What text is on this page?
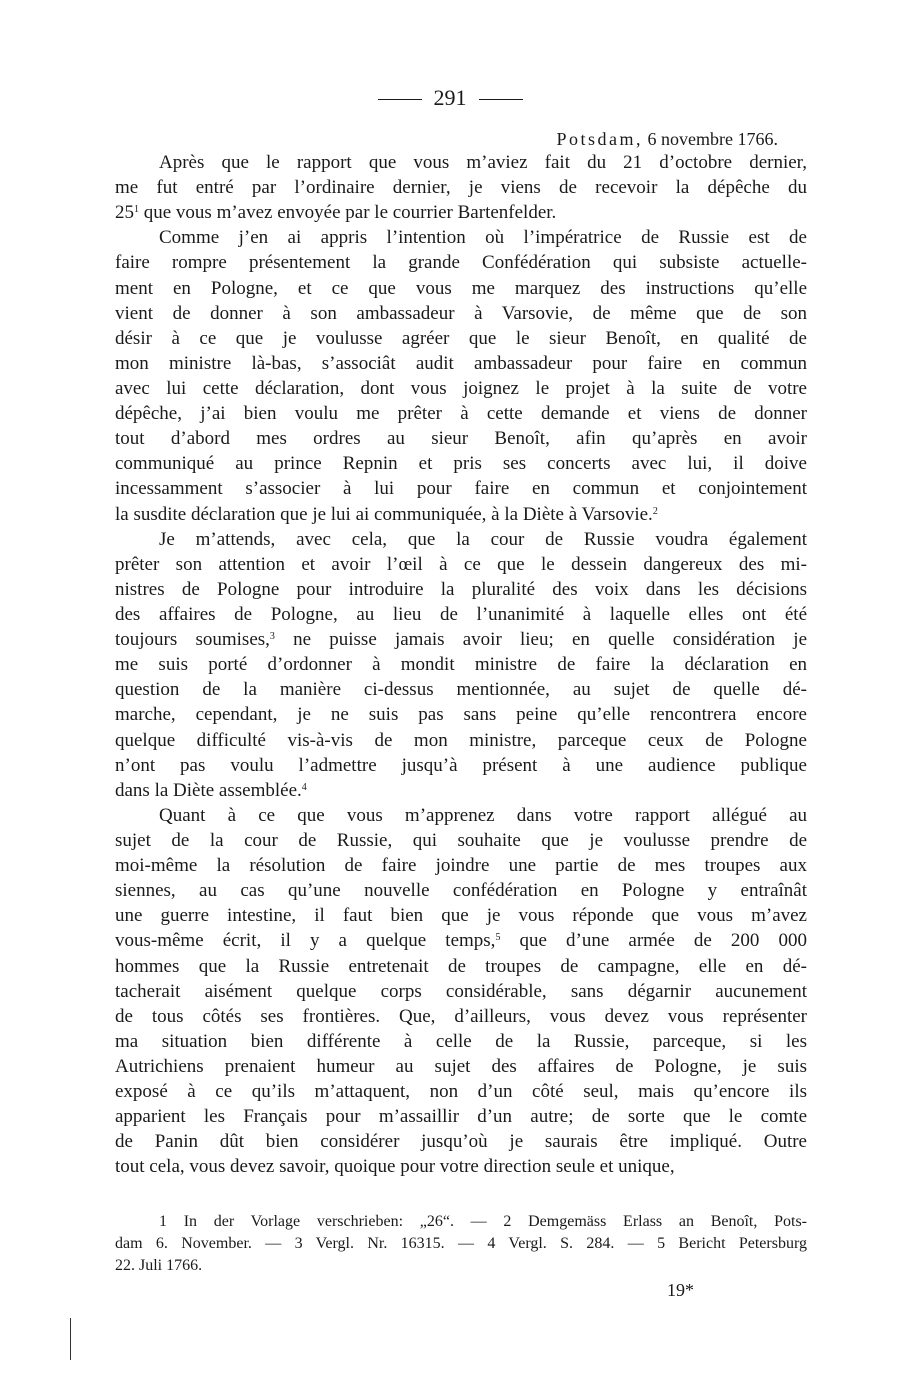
291
Potsdam, 6 novembre 1766.
Après que le rapport que vous m’aviez fait du 21 d’octobre dernier,
me fut entré par l’ordinaire dernier, je viens de recevoir la dépêche du
$25^1$ que vous m’avez envoyée par le courrier Bartenfelder.
Comme j’en ai appris l’intention où l’impératrice de Russie est de
faire rompre présentement la grande Confédération qui subsiste actuelle-
ment en Pologne, et ce que vous me marquez des instructions qu’elle
vient de donner à son ambassadeur à Varsovie, de même que de son
désir à ce que je voulusse agréer que le sieur Benoît, en qualité de
mon ministre là-bas, s’associât audit ambassadeur pour faire en commun
avec lui cette déclaration, dont vous joignez le projet à la suite de votre
dépêche, j’ai bien voulu me prêter à cette demande et viens de donner
tout d’abord mes ordres au sieur Benoît, afin qu’après en avoir
communiqué au prince Repnin et pris ses concerts avec lui, il doive
incessamment s’associer à lui pour faire en commun et conjointement
la susdite déclaration que je lui ai communiquée, à la Diète à Varsovie.$^2$
Je m’attends, avec cela, que la cour de Russie voudra également
prêter son attention et avoir l’œil à ce que le dessein dangereux des mi-
nistres de Pologne pour introduire la pluralité des voix dans les décisions
des affaires de Pologne, au lieu de l’unanimité à laquelle elles ont été
toujours soumises,$^3$ ne puisse jamais avoir lieu; en quelle considération je
me suis porté d’ordonner à mondit ministre de faire la déclaration en
question de la manière ci-dessus mentionnée, au sujet de quelle dé-
marche, cependant, je ne suis pas sans peine qu’elle rencontrera encore
quelque difficulté vis-à-vis de mon ministre, parceque ceux de Pologne
n’ont pas voulu l’admettre jusqu’à présent à une audience publique
dans la Diète assemblée.$^4$
Quant à ce que vous m’apprenez dans votre rapport allégué au
sujet de la cour de Russie, qui souhaite que je voulusse prendre de
moi-même la résolution de faire joindre une partie de mes troupes aux
siennes, au cas qu’une nouvelle confédération en Pologne y entraînât
une guerre intestine, il faut bien que je vous réponde que vous m’avez
vous-même écrit, il y a quelque temps,$^5$ que d’une armée de 200 000
hommes que la Russie entretenait de troupes de campagne, elle en dé-
tacherait aisément quelque corps considérable, sans dégarnir aucunement
de tous côtés ses frontières. Que, d’ailleurs, vous devez vous représenter
ma situation bien différente à celle de la Russie, parceque, si les
Autrichiens prenaient humeur au sujet des affaires de Pologne, je suis
exposé à ce qu’ils m’attaquent, non d’un côté seul, mais qu’encore ils
apparient les Français pour m’assaillir d’un autre; de sorte que le comte
de Panin dût bien considérer jusqu’où je saurais être impliqué. Outre
tout cela, vous devez savoir, quoique pour votre direction seule et unique,
1 In der Vorlage verschrieben: „26“. — 2 Demgemäss Erlass an Benoît, Pots-
dam 6. November. — 3 Vergl. Nr. 16315. — 4 Vergl. S. 284. — 5 Bericht Petersburg
22. Juli 1766.
19*
